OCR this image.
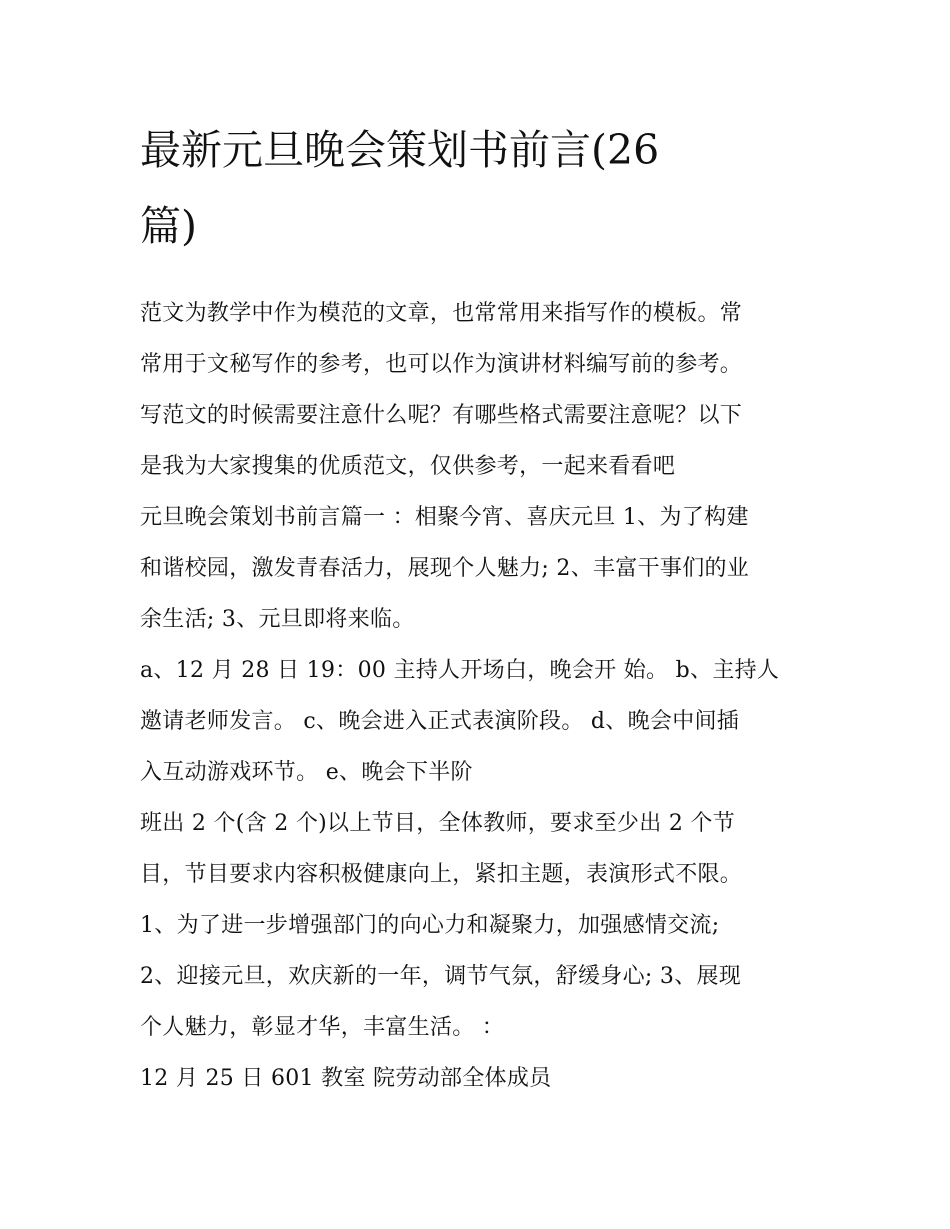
最新元旦晚会策划书前言(26
篇)

范文为教学中作为模范的文章，也常常用来指写作的模板。常
常用于文秘写作的参考，也可以作为演讲材料编写前的参考。
写范文的时候需要注意什么呢？有哪些格式需要注意呢？以下
是我为大家搜集的优质范文，仅供参考，一起来看看吧

元旦晚会策划书前言篇一 ：相聚今宵、喜庆元旦 1、为了构建
和谐校园，激发青春活力，展现个人魅力; 2、丰富干事们的业
余生活; 3、元旦即将来临。

a、12 月 28 日 19：00 主持人开场白，晚会开 始。 b、主持人
邀请老师发言。 c、晚会进入正式表演阶段。 d、晚会中间插
入互动游戏环节。 e、晚会下半阶

班出 2 个(含 2 个)以上节目，全体教师，要求至少出 2 个节
目，节目要求内容积极健康向上，紧扣主题，表演形式不限。

1、为了进一步增强部门的向心力和凝聚力，加强感情交流;
2、迎接元旦，欢庆新的一年，调节气氛，舒缓身心; 3、展现
个人魅力，彰显才华，丰富生活。 ：

12 月 25 日 601 教室 院劳动部全体成员
